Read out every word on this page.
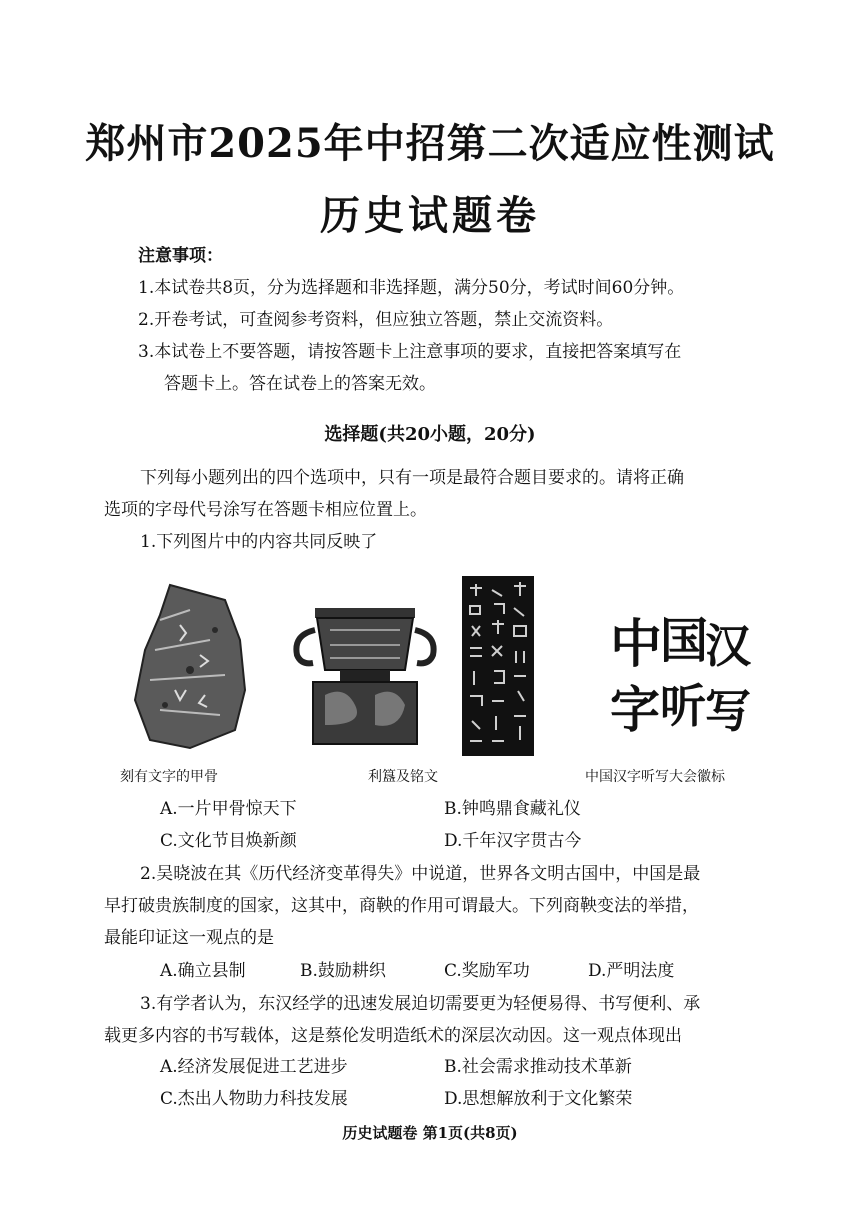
郑州市2025年中招第二次适应性测试
历史试题卷
注意事项：
1.本试卷共8页，分为选择题和非选择题，满分50分，考试时间60分钟。
2.开卷考试，可查阅参考资料，但应独立答题，禁止交流资料。
3.本试卷上不要答题，请按答题卡上注意事项的要求，直接把答案填写在
答题卡上。答在试卷上的答案无效。
选择题(共20小题，20分)
下列每小题列出的四个选项中，只有一项是最符合题目要求的。请将正确
选项的字母代号涂写在答题卡相应位置上。
1.下列图片中的内容共同反映了
中
国
汉
字 听 写
刻有文字的甲骨	利簋及铭文	中国汉字听写大会徽标
A.一片甲骨惊天下	B.钟鸣鼎食藏礼仪
C.文化节目焕新颜	D.千年汉字贯古今
2.吴晓波在其《历代经济变革得失》中说道，世界各文明古国中，中国是最
早打破贵族制度的国家，这其中，商鞅的作用可谓最大。下列商鞅变法的举措，
最能印证这一观点的是
A.确立县制	B.鼓励耕织	C.奖励军功	D.严明法度
3.有学者认为，东汉经学的迅速发展迫切需要更为轻便易得、书写便利、承
载更多内容的书写载体，这是蔡伦发明造纸术的深层次动因。这一观点体现出
A.经济发展促进工艺进步	B.社会需求推动技术革新
C.杰出人物助力科技发展	D.思想解放利于文化繁荣
历史试题卷 第1页(共8页)
